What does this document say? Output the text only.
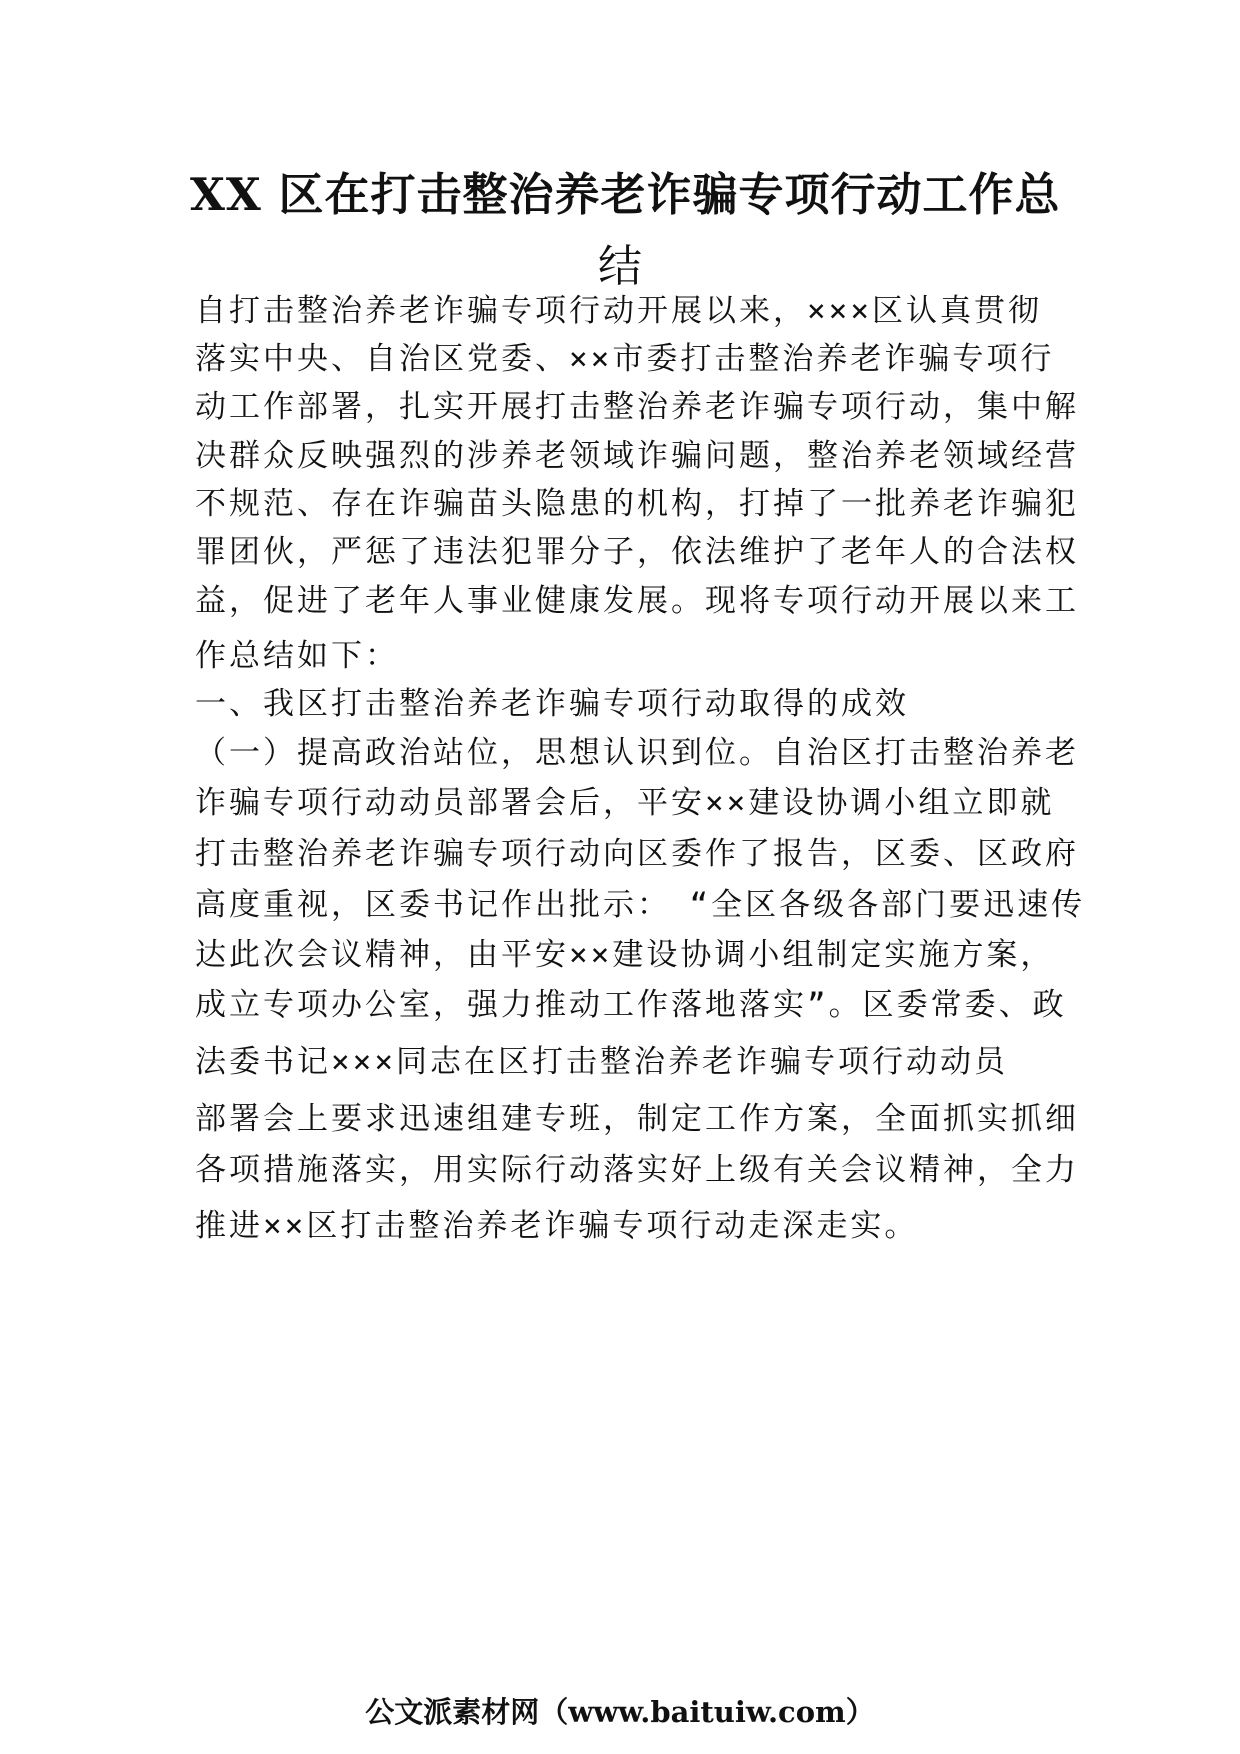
XX 区在打击整治养老诈骗专项行动工作总
结

自打击整治养老诈骗专项行动开展以来，×××区认真贯彻

落实中央、自治区党委、××市委打击整治养老诈骗专项行

动工作部署，扎实开展打击整治养老诈骗专项行动，集中解

决群众反映强烈的涉养老领域诈骗问题，整治养老领域经营

不规范、存在诈骗苗头隐患的机构，打掉了一批养老诈骗犯

罪团伙，严惩了违法犯罪分子，依法维护了老年人的合法权

益，促进了老年人事业健康发展。现将专项行动开展以来工

作总结如下：

一、我区打击整治养老诈骗专项行动取得的成效

（一）提高政治站位，思想认识到位。自治区打击整治养老

诈骗专项行动动员部署会后，平安××建设协调小组立即就

打击整治养老诈骗专项行动向区委作了报告，区委、区政府

高度重视，区委书记作出批示：　“全区各级各部门要迅速传

达此次会议精神，由平安××建设协调小组制定实施方案，

成立专项办公室，强力推动工作落地落实”。区委常委、政

法委书记×××同志在区打击整治养老诈骗专项行动动员

部署会上要求迅速组建专班，制定工作方案，全面抓实抓细

各项措施落实，用实际行动落实好上级有关会议精神，全力

推进××区打击整治养老诈骗专项行动走深走实。

公文派素材网（www.baituiw.com）
